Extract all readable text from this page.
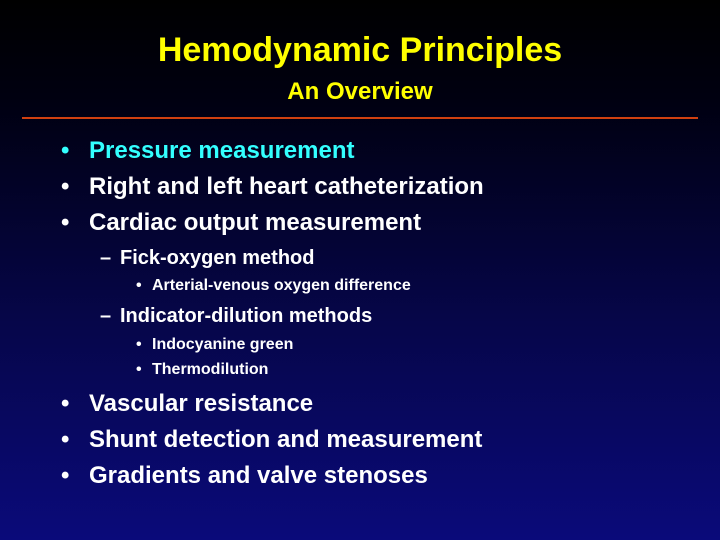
Hemodynamic Principles
An Overview
• Pressure measurement
• Right and left heart catheterization
• Cardiac output measurement
– Fick-oxygen method
• Arterial-venous oxygen difference
– Indicator-dilution methods
• Indocyanine green
• Thermodilution
• Vascular resistance
• Shunt detection and measurement
• Gradients and valve stenoses
